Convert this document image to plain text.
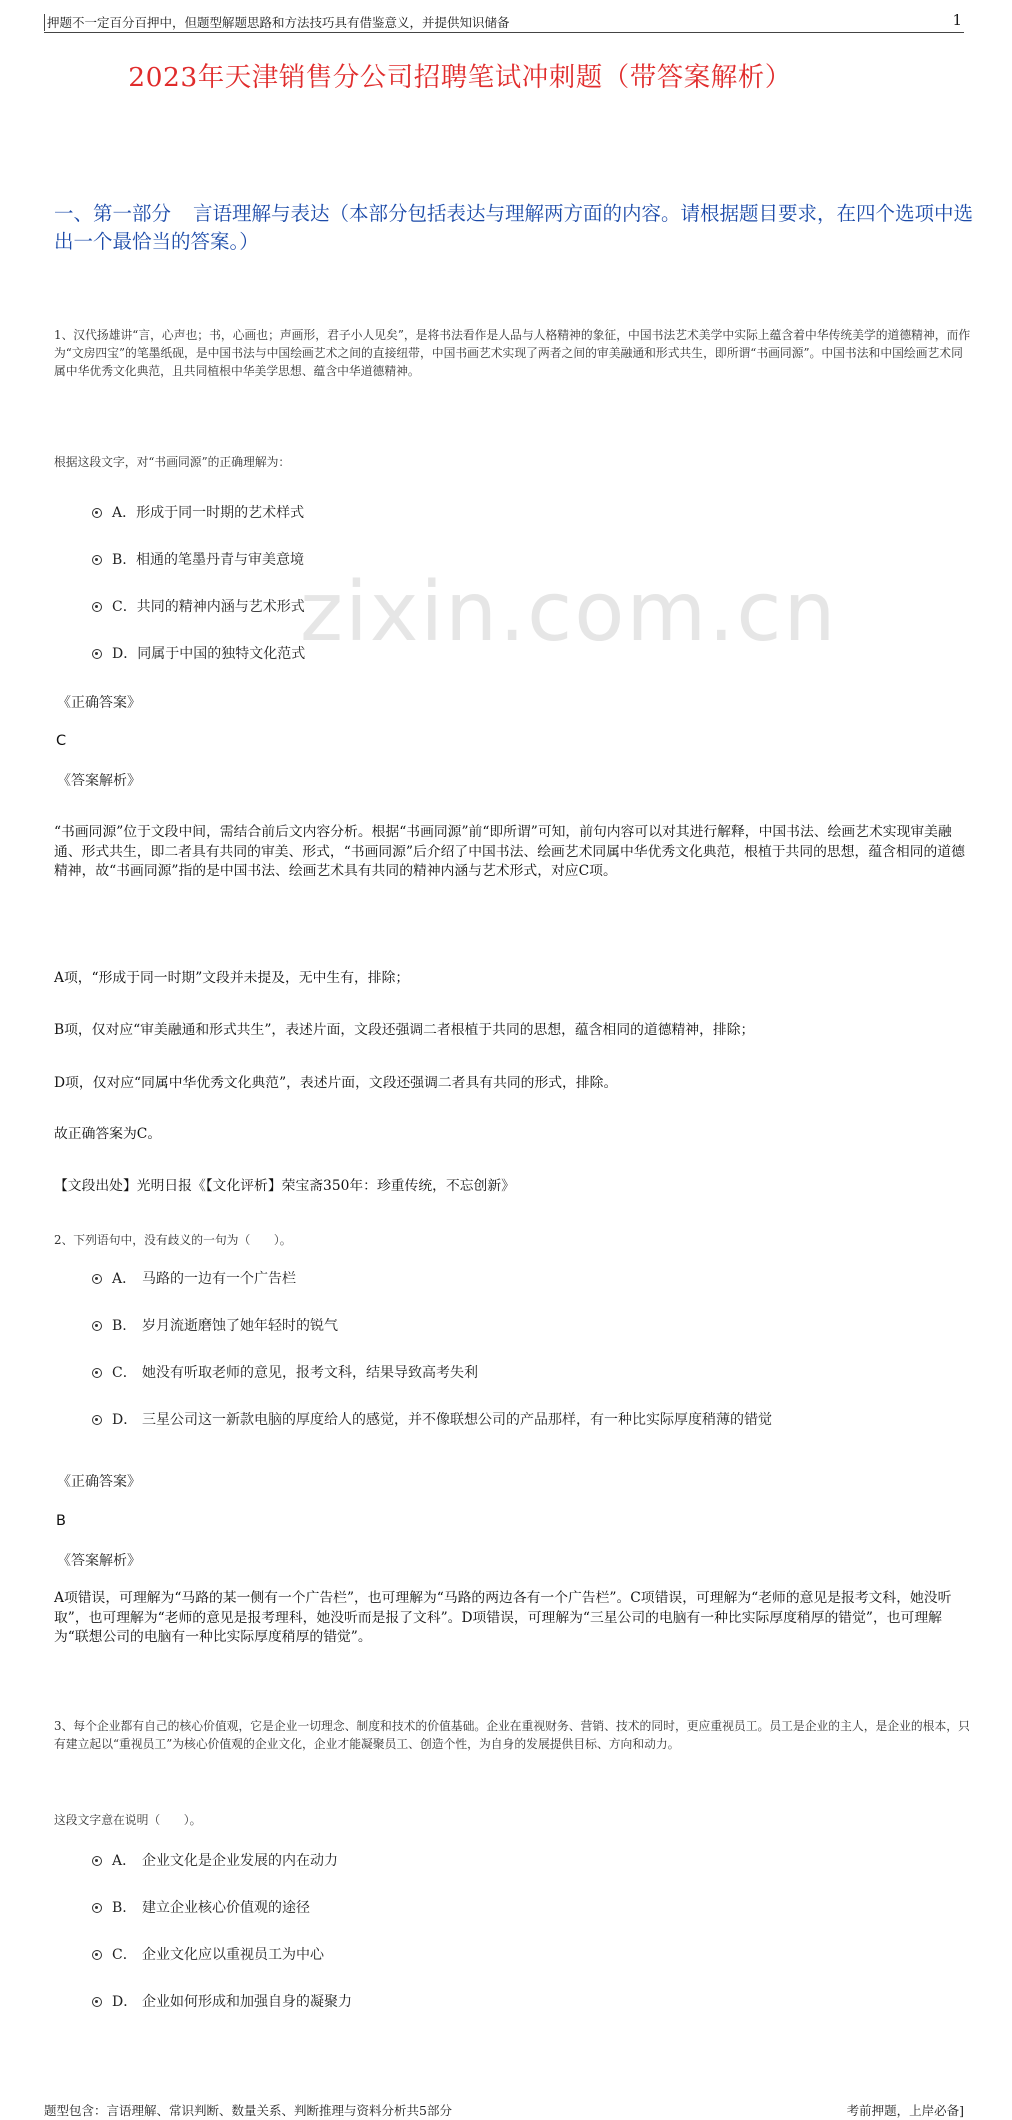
zixin.com.cn
押题不一定百分百押中，但题型解题思路和方法技巧具有借鉴意义，并提供知识储备	1
2023年天津销售分公司招聘笔试冲刺题（带答案解析）
一、第一部分 言语理解与表达（本部分包括表达与理解两方面的内容。请根据题目要求，在四个选项中选出一个最恰当的答案。）
1、汉代扬雄讲“言，心声也；书，心画也；声画形，君子小人见矣”，是将书法看作是人品与人格精神的象征，中国书法艺术美学中实际上蕴含着中华传统美学的道德精神，而作为“文房四宝”的笔墨纸砚，是中国书法与中国绘画艺术之间的直接纽带，中国书画艺术实现了两者之间的审美融通和形式共生，即所谓“书画同源”。中国书法和中国绘画艺术同属中华优秀文化典范，且共同植根中华美学思想、蕴含中华道德精神。
根据这段文字，对“书画同源”的正确理解为：
A．形成于同一时期的艺术样式
B. 相通的笔墨丹青与审美意境
C．共同的精神内涵与艺术形式
D．同属于中国的独特文化范式
《正确答案》
C
《答案解析》
“书画同源”位于文段中间，需结合前后文内容分析。根据“书画同源”前“即所谓”可知，前句内容可以对其进行解释，中国书法、绘画艺术实现审美融通、形式共生，即二者具有共同的审美、形式，“书画同源”后介绍了中国书法、绘画艺术同属中华优秀文化典范，根植于共同的思想，蕴含相同的道德精神，故“书画同源”指的是中国书法、绘画艺术具有共同的精神内涵与艺术形式，对应C项。
A项，“形成于同一时期”文段并未提及，无中生有，排除；
B项，仅对应“审美融通和形式共生”，表述片面，文段还强调二者根植于共同的思想，蕴含相同的道德精神，排除；
D项，仅对应“同属中华优秀文化典范”，表述片面，文段还强调二者具有共同的形式，排除。
故正确答案为C。
【文段出处】光明日报《【文化评析】荣宝斋350年：珍重传统，不忘创新》
2、下列语句中，没有歧义的一句为（　　）。
A． 马路的一边有一个广告栏
B. 岁月流逝磨蚀了她年轻时的锐气
C． 她没有听取老师的意见，报考文科，结果导致高考失利
D． 三星公司这一新款电脑的厚度给人的感觉，并不像联想公司的产品那样，有一种比实际厚度稍薄的错觉
《正确答案》
B
《答案解析》
A项错误，可理解为“马路的某一侧有一个广告栏”，也可理解为“马路的两边各有一个广告栏”。C项错误，可理解为“老师的意见是报考文科，她没听取”，也可理解为“老师的意见是报考理科，她没听而是报了文科”。D项错误，可理解为“三星公司的电脑有一种比实际厚度稍厚的错觉”，也可理解为“联想公司的电脑有一种比实际厚度稍厚的错觉”。
3、每个企业都有自己的核心价值观，它是企业一切理念、制度和技术的价值基础。企业在重视财务、营销、技术的同时，更应重视员工。员工是企业的主人，是企业的根本，只有建立起以“重视员工”为核心价值观的企业文化，企业才能凝聚员工、创造个性，为自身的发展提供目标、方向和动力。
这段文字意在说明（　　）。
A． 企业文化是企业发展的内在动力
B. 建立企业核心价值观的途径
C． 企业文化应以重视员工为中心
D． 企业如何形成和加强自身的凝聚力
题型包含：言语理解、常识判断、数量关系、判断推理与资料分析共5部分	考前押题，上岸必备]
